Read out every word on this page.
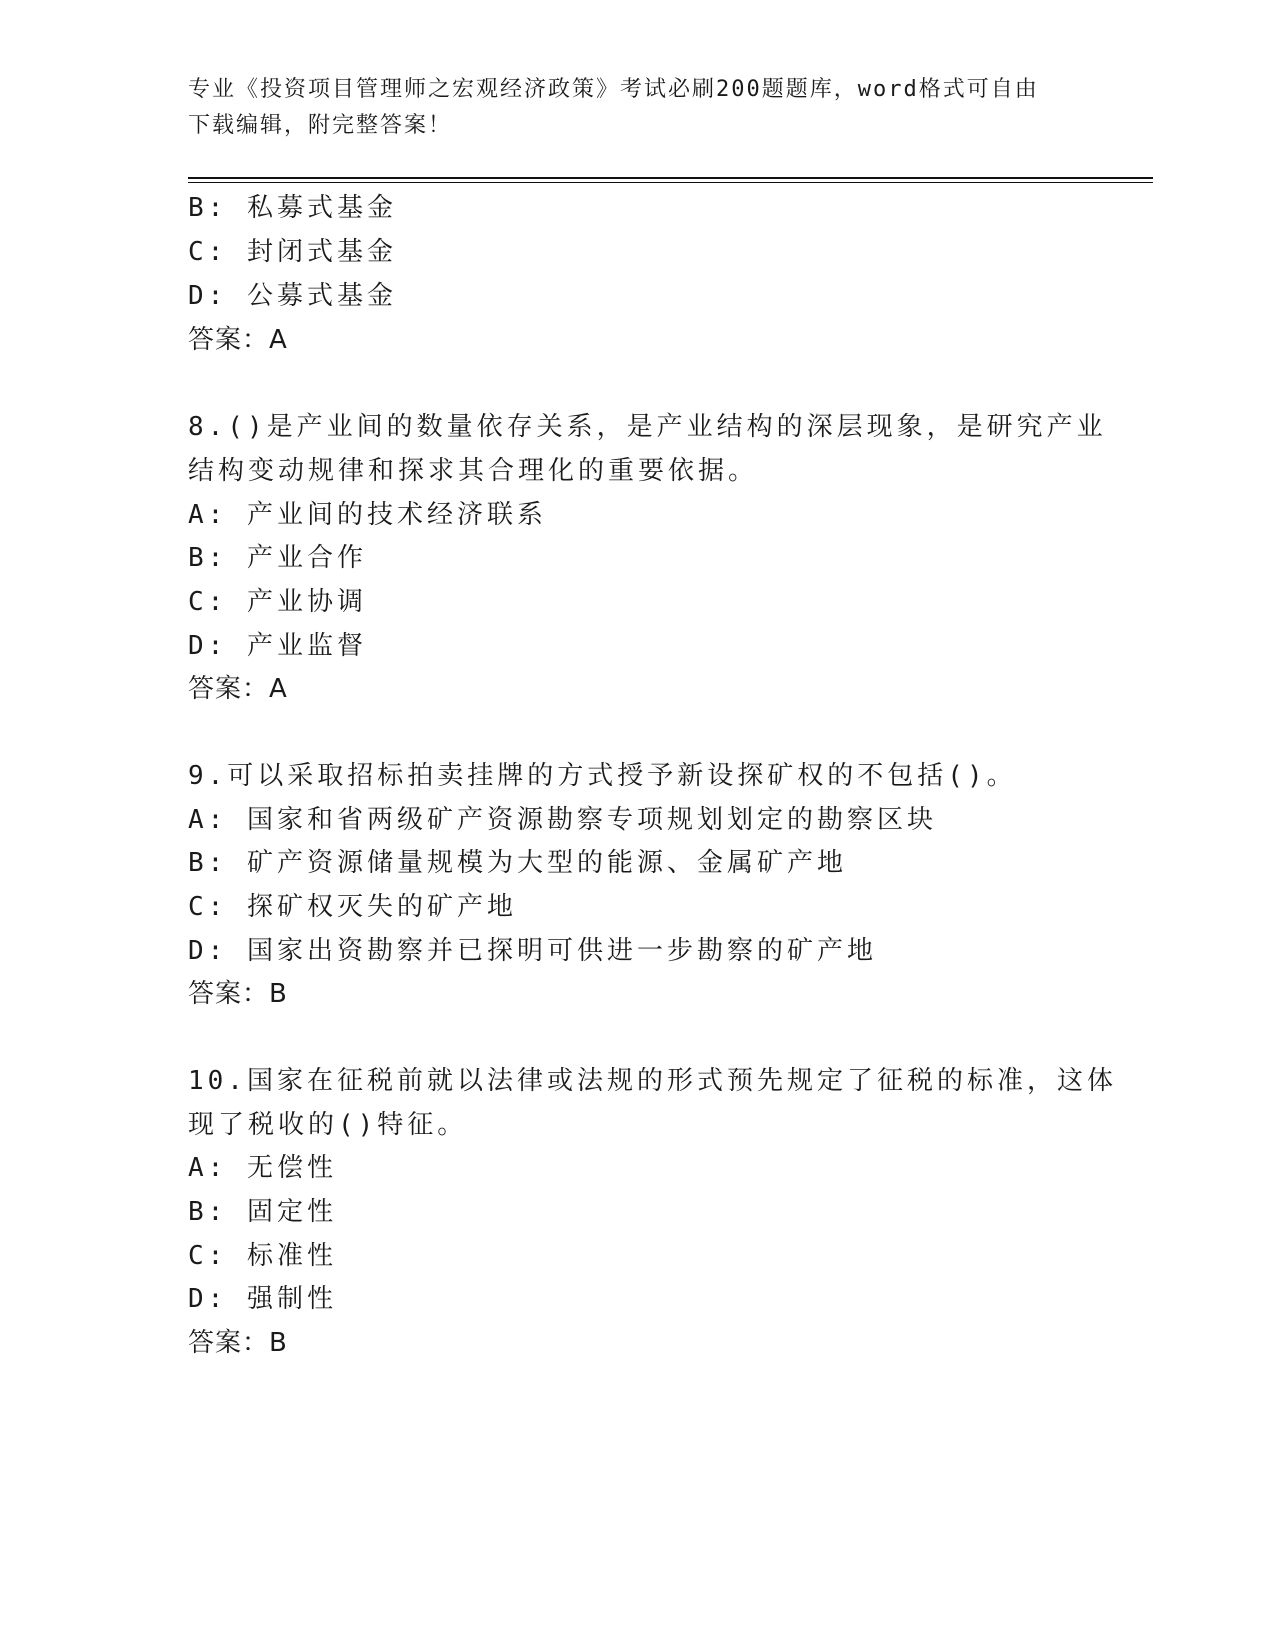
专业《投资项目管理师之宏观经济政策》考试必刷200题题库，word格式可自由
下载编辑，附完整答案！
B: 私募式基金
C: 封闭式基金
D: 公募式基金
答案：A
8.()是产业间的数量依存关系，是产业结构的深层现象，是研究产业
结构变动规律和探求其合理化的重要依据。
A: 产业间的技术经济联系
B: 产业合作
C: 产业协调
D: 产业监督
答案：A
9.可以采取招标拍卖挂牌的方式授予新设探矿权的不包括()。
A: 国家和省两级矿产资源勘察专项规划划定的勘察区块
B: 矿产资源储量规模为大型的能源、金属矿产地
C: 探矿权灭失的矿产地
D: 国家出资勘察并已探明可供进一步勘察的矿产地
答案：B
10.国家在征税前就以法律或法规的形式预先规定了征税的标准，这体
现了税收的()特征。
A: 无偿性
B: 固定性
C: 标准性
D: 强制性
答案：B
